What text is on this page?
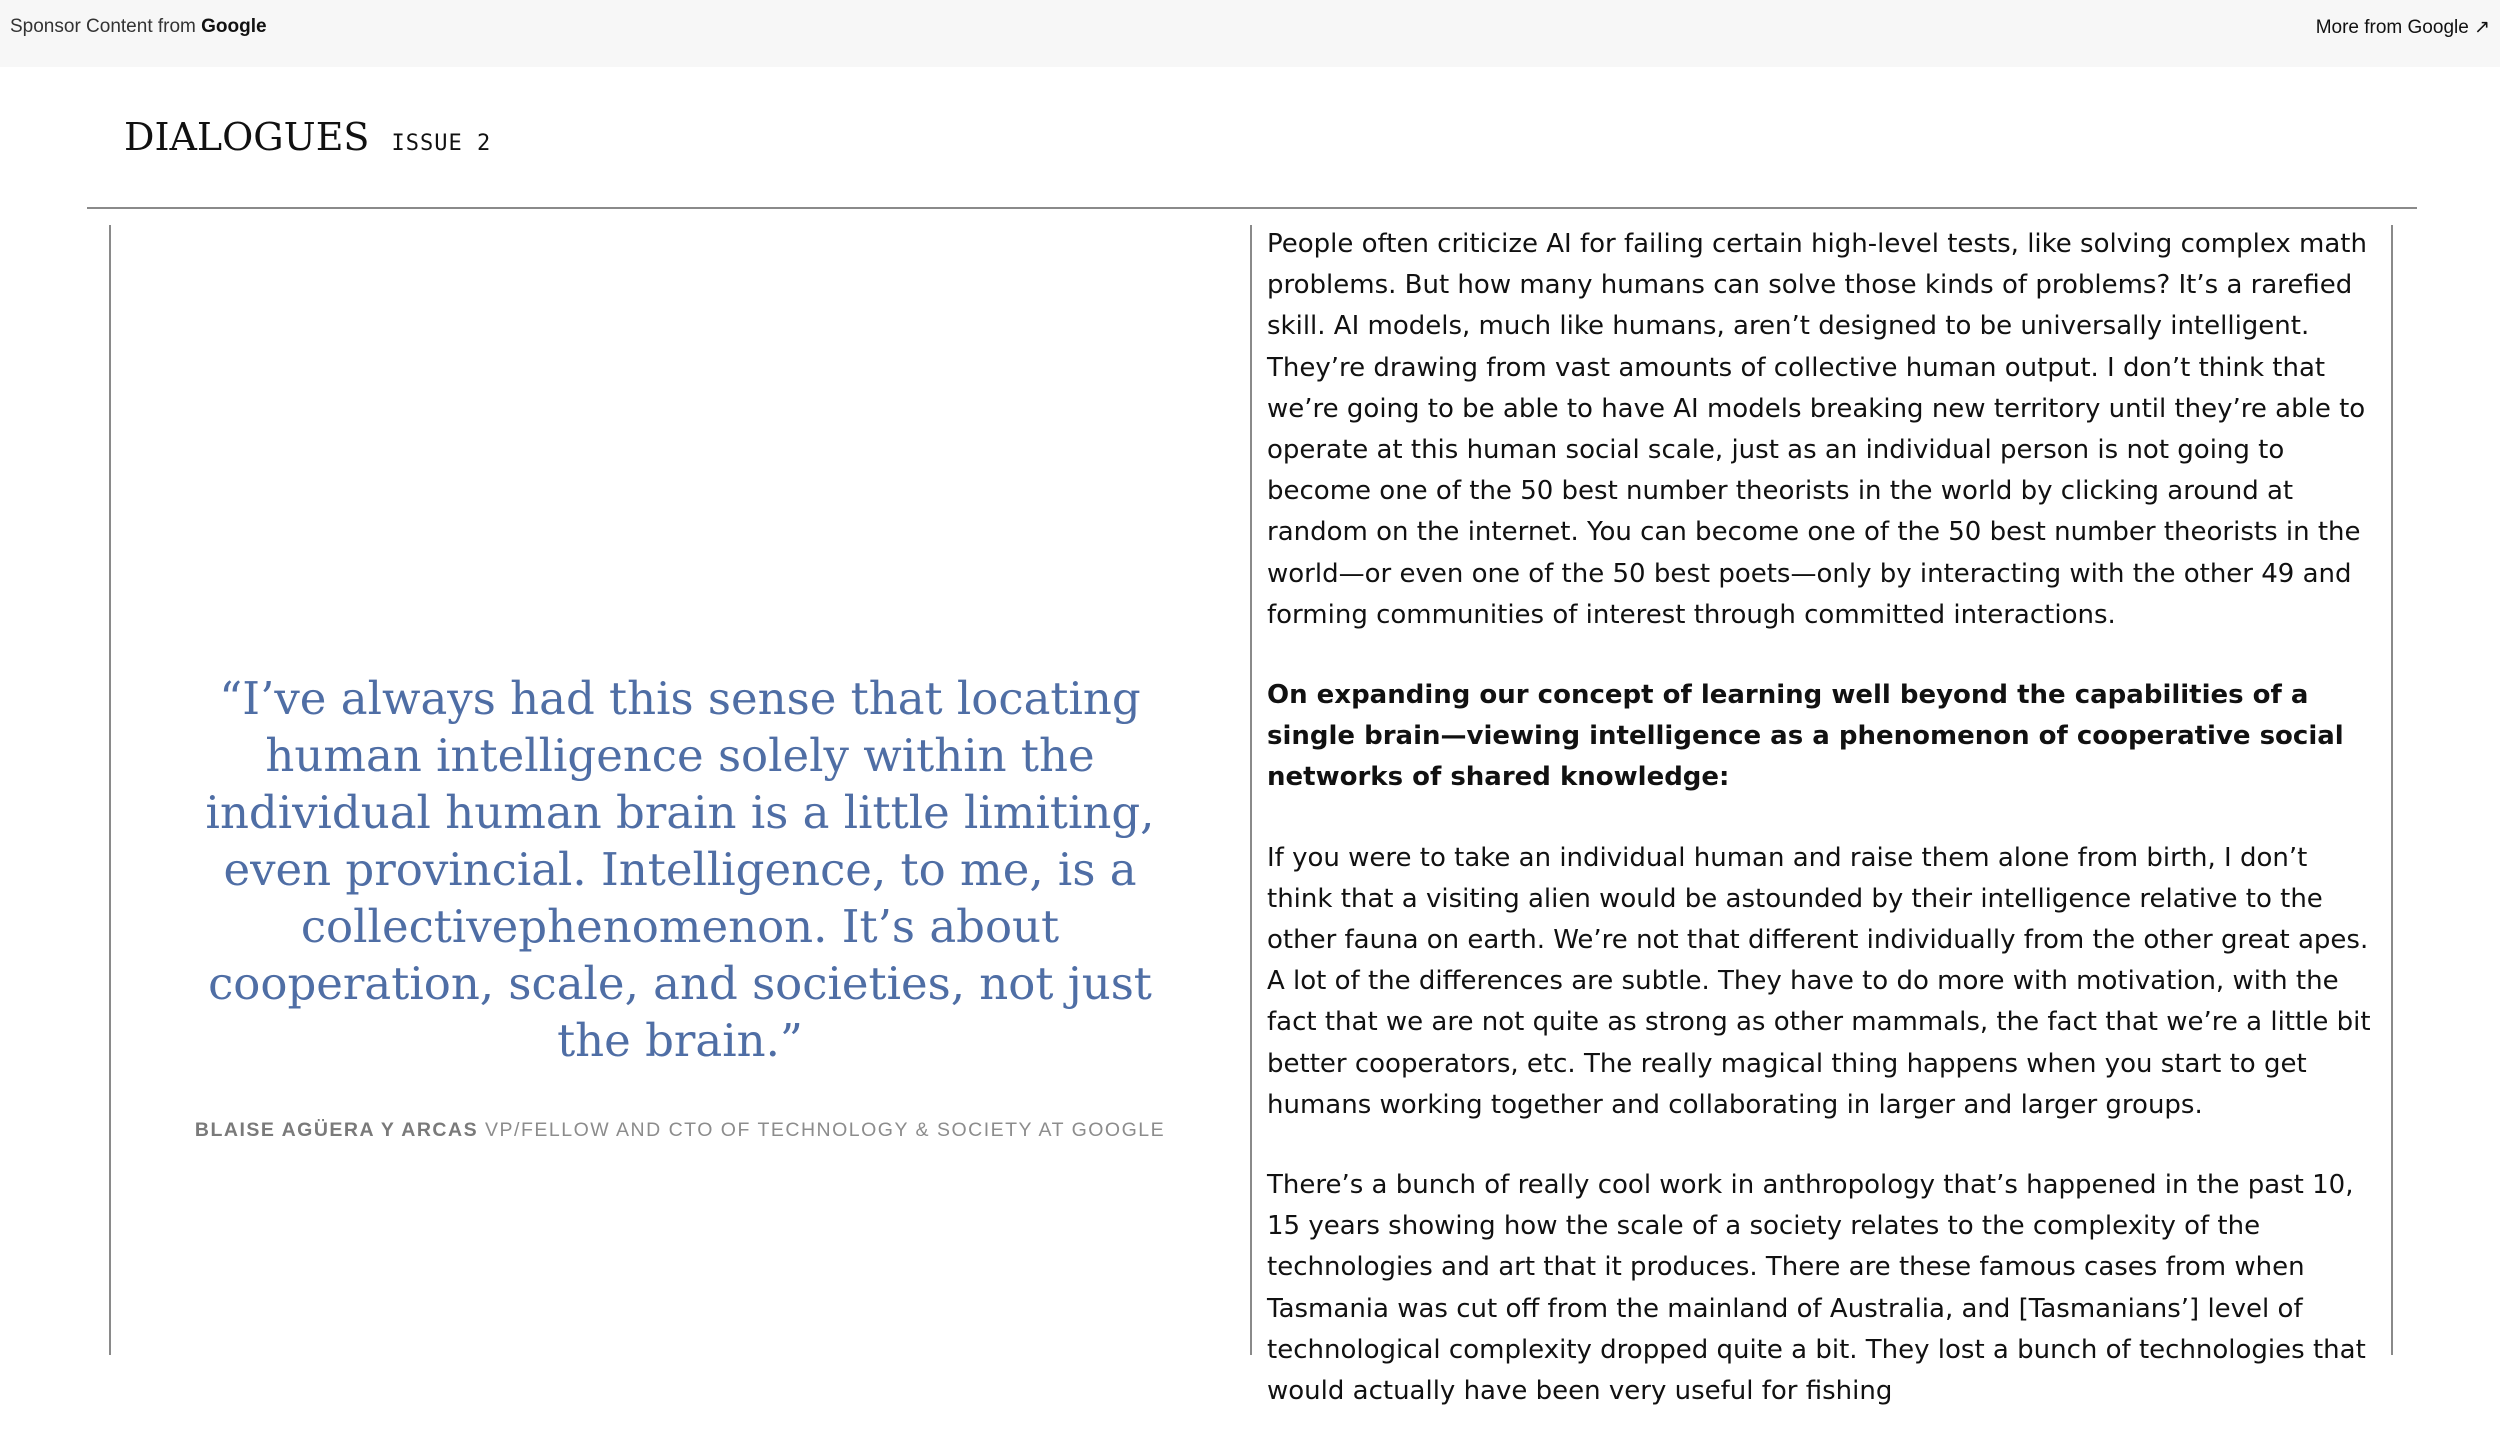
Sponsor Content from Google	More from Google ↗
DIALOGUES ISSUE 2
“I’ve always had this sense that locating human intelligence solely within the individual human brain is a little limiting, even provincial. Intelligence, to me, is a collectivephenomenon. It’s about cooperation, scale, and societies, not just the brain.”
BLAISE AGÜERA Y ARCAS VP/FELLOW AND CTO OF TECHNOLOGY & SOCIETY AT GOOGLE

People often criticize AI for failing certain high-level tests, like solving complex math problems. But how many humans can solve those kinds of problems? It’s a rarefied skill. AI models, much like humans, aren’t designed to be universally intelligent. They’re drawing from vast amounts of collective human output. I don’t think that we’re going to be able to have AI models breaking new territory until they’re able to operate at this human social scale, just as an individual person is not going to become one of the 50 best number theorists in the world by clicking around at random on the internet. You can become one of the 50 best number theorists in the world—or even one of the 50 best poets—only by interacting with the other 49 and forming communities of interest through committed interactions.

On expanding our concept of learning well beyond the capabilities of a single brain—viewing intelligence as a phenomenon of cooperative social networks of shared knowledge:

If you were to take an individual human and raise them alone from birth, I don’t think that a visiting alien would be astounded by their intelligence relative to the other fauna on earth. We’re not that different individually from the other great apes. A lot of the differences are subtle. They have to do more with motivation, with the fact that we are not quite as strong as other mammals, the fact that we’re a little bit better cooperators, etc. The really magical thing happens when you start to get humans working together and collaborating in larger and larger groups.

There’s a bunch of really cool work in anthropology that’s happened in the past 10, 15 years showing how the scale of a society relates to the complexity of the technologies and art that it produces. There are these famous cases from when Tasmania was cut off from the mainland of Australia, and [Tasmanians’] level of technological complexity dropped quite a bit. They lost a bunch of technologies that would actually have been very useful for fishing
